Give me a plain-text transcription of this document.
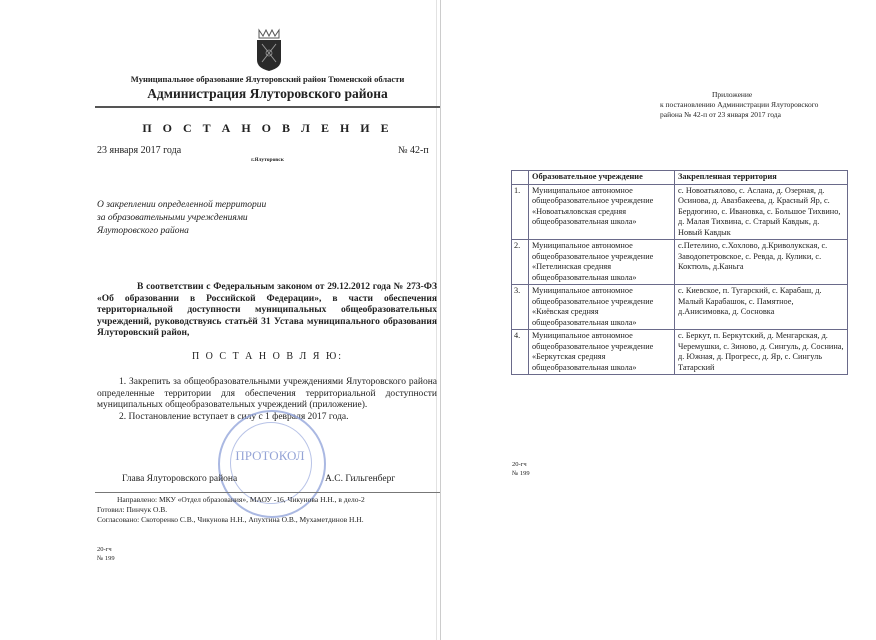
Муниципальное образование Ялуторовский район Тюменской области
Администрация Ялуторовского района
П О С Т А Н О В Л Е Н И Е
23 января 2017 года	№ 42-п
г.Ялуторовск
О закреплении определенной территории
за образовательными учреждениями
Ялуторовского района
В соответствии с Федеральным законом от 29.12.2012 года № 273-ФЗ «Об образовании в Российской Федерации», в части обеспечения территориальной доступности муниципальных общеобразовательных учреждений, руководствуясь статьёй 31 Устава муниципального образования Ялуторовский район,
П О С Т А Н О В Л Я Ю:

1. Закрепить за общеобразовательными учреждениями Ялуторовского района определенные территории для обеспечения территориальной доступности муниципальных общеобразовательных учреждений (приложение).

2. Постановление вступает в силу с 1 февраля 2017 года.

ПРОТОКОЛ
Глава Ялуторовского района	А.С. Гильгенберг

Направлено: МКУ «Отдел образования», МАОУ -16, Чикунова Н.Н., в дело-2

Готовил: Пинчук О.В.

Согласовано: Скоторенко С.В., Чикунова Н.Н., Апухтина О.В., Мухаметдинов Н.Н.

20-гч
№ 199

Приложение

к постановлению Администрации Ялуторовского

района № 42-п от 23 января 2017 года

	Образовательное учреждение	Закрепленная территория
1.	Муниципальное автономное общеобразовательное учреждение «Новоатьяловская средняя общеобразовательная школа»	с. Новоатьялово, с. Аслана, д. Озерная, д. Осинова, д. Авазбакеева, д. Красный Яр, с. Бердюгино, с. Ивановка, с. Большое Тихвино, д. Малая Тихвина, с. Старый Кавдык, д. Новый Кавдык
2.	Муниципальное автономное общеобразовательное учреждение «Петелинская средняя общеобразовательная школа»	с.Петелино, с.Хохлово, д.Криволукская, с. Заводопетровское, с. Ревда, д. Кулики, с. Коктюль, д.Каньга
3.	Муниципальное автономное общеобразовательное учреждение «Киёвская средняя общеобразовательная школа»	с. Киевское, п. Тугарский, с. Карабаш, д. Малый Карабашок, с. Памятное, д.Анисимовка, д. Сосновка
4.	Муниципальное автономное общеобразовательное учреждение «Беркутская средняя общеобразовательная школа»	с. Беркут, п. Беркутский, д. Менгарская, д. Черемушки, с. Зиново, д. Сингуль, д. Соснина, д. Южная, д. Прогресс, д. Яр, с. Сингуль Татарский
20-гч
№ 199
